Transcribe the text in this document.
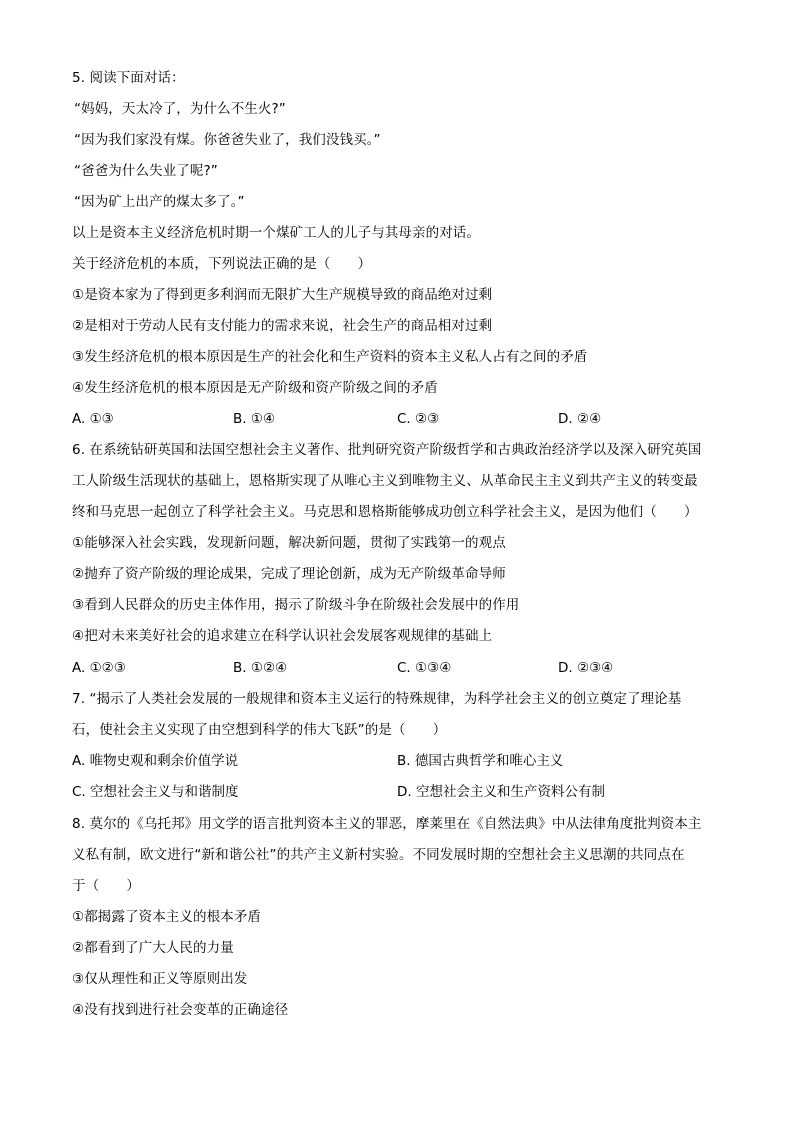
5. 阅读下面对话：
“妈妈，天太冷了，为什么不生火?”
“因为我们家没有煤。你爸爸失业了，我们没钱买。”
“爸爸为什么失业了呢?”
“因为矿上出产的煤太多了。”
以上是资本主义经济危机时期一个煤矿工人的儿子与其母亲的对话。
关于经济危机的本质，下列说法正确的是（　　）
①是资本家为了得到更多利润而无限扩大生产规模导致的商品绝对过剩
②是相对于劳动人民有支付能力的需求来说，社会生产的商品相对过剩
③发生经济危机的根本原因是生产的社会化和生产资料的资本主义私人占有之间的矛盾
④发生经济危机的根本原因是无产阶级和资产阶级之间的矛盾
A. ①③	B. ①④	C. ②③	D. ②④
6. 在系统钻研英国和法国空想社会主义著作、批判研究资产阶级哲学和古典政治经济学以及深入研究英国
工人阶级生活现状的基础上，恩格斯实现了从唯心主义到唯物主义、从革命民主主义到共产主义的转变最
终和马克思一起创立了科学社会主义。马克思和恩格斯能够成功创立科学社会主义，是因为他们（　　）
①能够深入社会实践，发现新问题，解决新问题，贯彻了实践第一的观点
②抛弃了资产阶级的理论成果，完成了理论创新，成为无产阶级革命导师
③看到人民群众的历史主体作用，揭示了阶级斗争在阶级社会发展中的作用
④把对未来美好社会的追求建立在科学认识社会发展客观规律的基础上
A. ①②③	B. ①②④	C. ①③④	D. ②③④
7. “揭示了人类社会发展的一般规律和资本主义运行的特殊规律，为科学社会主义的创立奠定了理论基
石，使社会主义实现了由空想到科学的伟大飞跃”的是（　　）
A. 唯物史观和剩余价值学说	B. 德国古典哲学和唯心主义
C. 空想社会主义与和谐制度	D. 空想社会主义和生产资料公有制
8. 莫尔的《乌托邦》用文学的语言批判资本主义的罪恶，摩莱里在《自然法典》中从法律角度批判资本主
义私有制，欧文进行“新和谐公社”的共产主义新村实验。不同发展时期的空想社会主义思潮的共同点在
于（　　）
①都揭露了资本主义的根本矛盾
②都看到了广大人民的力量
③仅从理性和正义等原则出发
④没有找到进行社会变革的正确途径
